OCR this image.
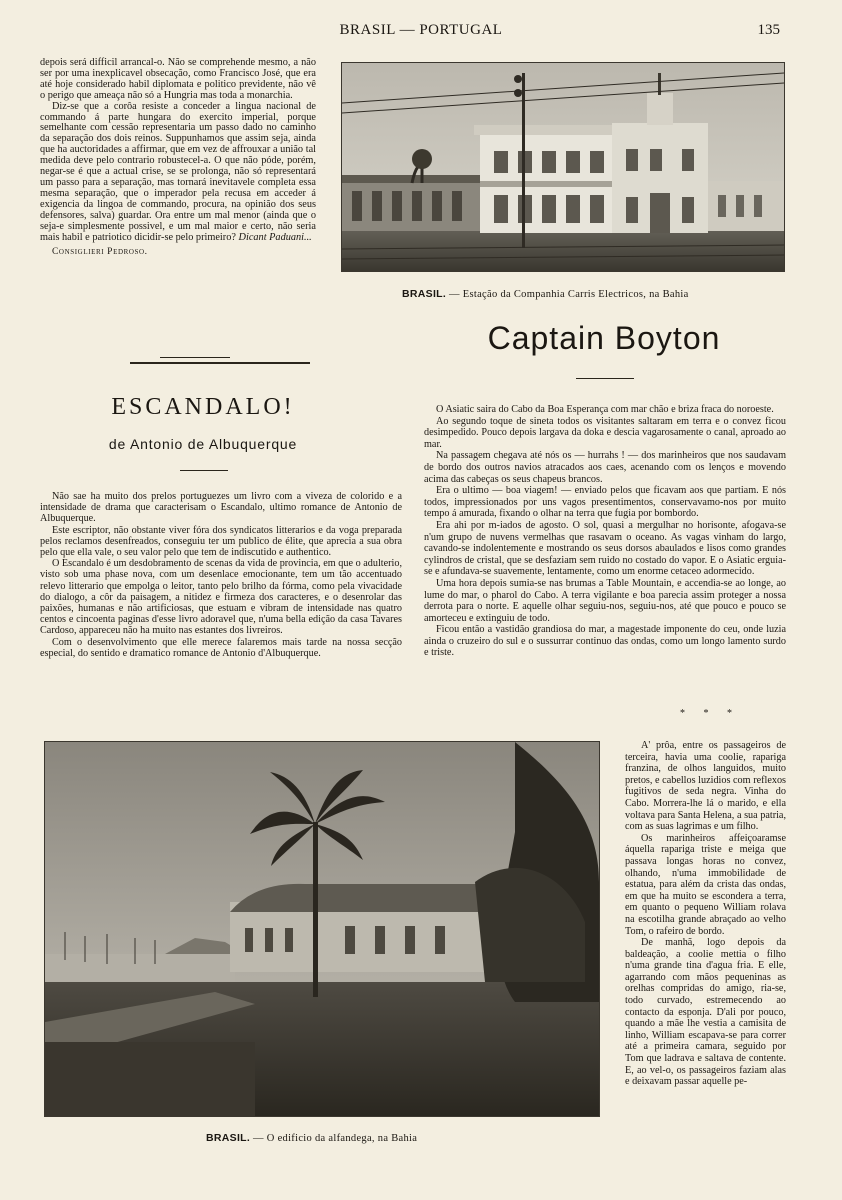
BRASIL — PORTUGAL	135

depois será difficil arrancal-o. Não se comprehende mesmo, a não ser por uma inexplicavel obsecação, como Francisco José, que era até hoje considerado habil diplomata e politico previdente, não vê o perigo que ameaça não só a Hungria mas toda a monarchia.

Diz-se que a corôa resiste a conceder a lingua nacional de commando á parte hungara do exercito imperial, porque semelhante com cessão representaria um passo dado no caminho da separação dos dois reinos. Suppunhamos que assim seja, ainda que ha auctoridades a affirmar, que em vez de affrouxar a união tal medida deve pelo contrario robustecel-a. O que não póde, porém, negar-se é que a actual crise, se se prolonga, não só representará um passo para a separação, mas tornará inevitavele completa essa mesma separação, que o imperador pela recusa em acceder á exigencia da lingoa de commando, procura, na opinião dos seus defensores, salva) guardar. Ora entre um mal menor (ainda que o seja-e simplesmente possivel, e um mal maior e certo, não seria mais habil e patriotico dicidir-se pelo primeiro? Dicant Paduani...

Consiglieri Pedroso.

BRASIL. — Estação da Companhia Carris Electricos, na Bahia
Captain Boyton
ESCANDALO!
de Antonio de Albuquerque

Não sae ha muito dos prelos portuguezes um livro com a viveza de colorido e a intensidade de drama que caracterisam o Escandalo, ultimo romance de Antonio de Albuquerque.

Este escriptor, não obstante viver fóra dos syndicatos litterarios e da voga preparada pelos reclamos desenfreados, conseguiu ter um publico de élite, que aprecia a sua obra pelo que ella vale, o seu valor pelo que tem de indiscutido e authentico.

O Escandalo é um desdobramento de scenas da vida de provincia, em que o adulterio, visto sob uma phase nova, com um desenlace emocionante, tem um tão accentuado relevo litterario que empolga o leitor, tanto pelo brilho da fórma, como pela vivacidade do dialogo, a côr da paisagem, a nitidez e firmeza dos caracteres, e o desenrolar das paixões, humanas e não artificiosas, que estuam e vibram de intensidade nas quatro centos e cincoenta paginas d'esse livro adoravel que, n'uma bella edição da casa Tavares Cardoso, appareceu não ha muito nas estantes dos livreiros.

Com o desenvolvimento que elle merece falaremos mais tarde na nossa secção especial, do sentido e dramatico romance de Antonio d'Albuquerque.

O Asiatic saira do Cabo da Boa Esperança com mar chão e briza fraca do noroeste.

Ao segundo toque de sineta todos os visitantes saltaram em terra e o convez ficou desimpedido. Pouco depois largava da doka e descia vagarosamente o canal, aproado ao mar.

Na passagem chegava até nós os — hurrahs ! — dos marinheiros que nos saudavam de bordo dos outros navios atracados aos caes, acenando com os lenços e movendo acima das cabeças os seus chapeus brancos.

Era o ultimo — boa viagem! — enviado pelos que ficavam aos que partiam. E nós todos, impressionados por uns vagos presentimentos, conservavamo-nos por muito tempo á amurada, fixando o olhar na terra que fugia por bombordo.

Era ahi por m-iados de agosto. O sol, quasi a mergulhar no horisonte, afogava-se n'um grupo de nuvens vermelhas que rasavam o oceano. As vagas vinham do largo, cavando-se indolentemente e mostrando os seus dorsos abaulados e lisos como grandes cylindros de cristal, que se desfaziam sem ruido no costado do vapor. E o Asiatic erguia-se e afundava-se suavemente, lentamente, como um enorme cetaceo adormecido.

Uma hora depois sumia-se nas brumas a Table Mountain, e accendia-se ao longe, ao lume do mar, o pharol do Cabo. A terra vigilante e boa parecia assim proteger a nossa derrota para o norte. E aquelle olhar seguiu-nos, seguiu-nos, até que pouco e pouco se amorteceu e extinguiu de todo.

Ficou então a vastidão grandiosa do mar, a magestade imponente do ceu, onde luzia ainda o cruzeiro do sul e o sussurrar continuo das ondas, como um longo lamento surdo e triste.

* * *
BRASIL. — O edificio da alfandega, na Bahia

A' prôa, entre os passageiros de terceira, havia uma coolie, rapariga franzina, de olhos languidos, muito pretos, e cabellos luzidios com reflexos fugitivos de seda negra. Vinha do Cabo. Morrera-lhe lá o marido, e ella voltava para Santa Helena, a sua patria, com as suas lagrimas e um filho.

Os marinheiros affeiçoaramse áquella rapariga triste e meiga que passava longas horas no convez, olhando, n'uma immobilidade de estatua, para além da crista das ondas, em que ha muito se escondera a terra, em quanto o pequeno William rolava na escotilha grande abraçado ao velho Tom, o rafeiro de bordo.

De manhã, logo depois da baldeação, a coolie mettia o filho n'uma grande tina d'agua fria. E elle, agarrando com mãos pequeninas as orelhas compridas do amigo, ria-se, todo curvado, estremecendo ao contacto da esponja. D'ali por pouco, quando a mãe lhe vestia a camisita de linho, William escapava-se para correr até a primeira camara, seguido por Tom que ladrava e saltava de contente. E, ao vel-o, os passageiros faziam alas e deixavam passar aquelle pe-
